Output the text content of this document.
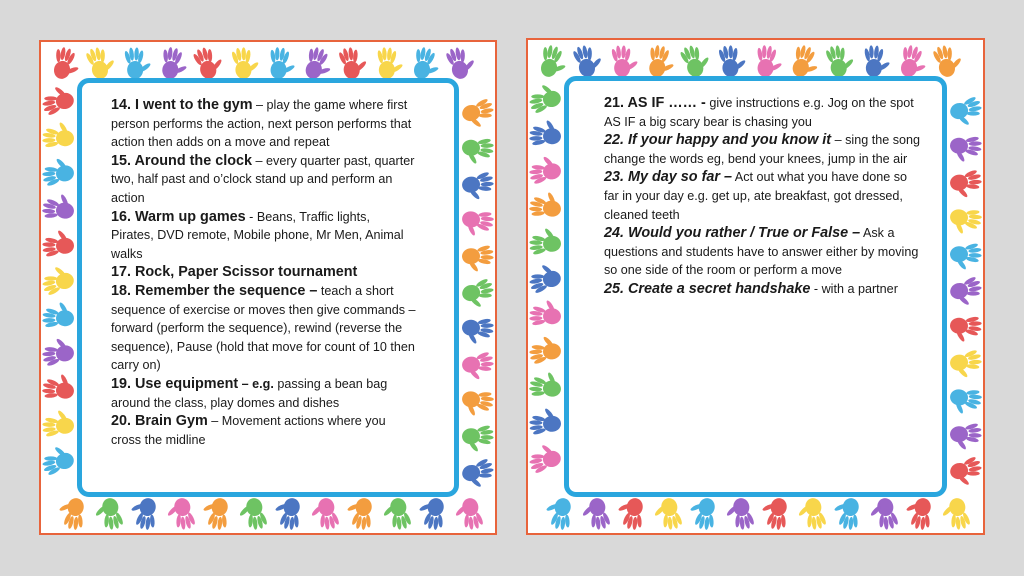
14. I went to the gym – play the game where first person performs the action, next person performs that action then adds on a move and repeat

15. Around the clock – every quarter past, quarter two, half past and o’clock stand up and perform an action

16. Warm up games - Beans, Traffic lights, Pirates, DVD remote, Mobile phone, Mr Men, Animal walks

17. Rock, Paper Scissor tournament

18. Remember the sequence – teach a short sequence of exercise or moves then give commands – forward (perform the sequence), rewind (reverse the sequence), Pause (hold that move for count of 10 then carry on)

19. Use equipment – e.g. passing a bean bag around the class, play domes and dishes

20. Brain Gym – Movement actions where you cross the midline

21. AS IF …… - give instructions e.g. Jog on the spot AS IF a big scary bear is chasing you

22. If your happy and you know it – sing the song change the words eg, bend your knees, jump in the air

23. My day so far – Act out what you have done so far in your day e.g. get up, ate breakfast, got dressed, cleaned teeth

24. Would you rather / True or False – Ask a questions and students have to answer either by moving so one side of the room or perform a move

25. Create a secret handshake - with a partner
